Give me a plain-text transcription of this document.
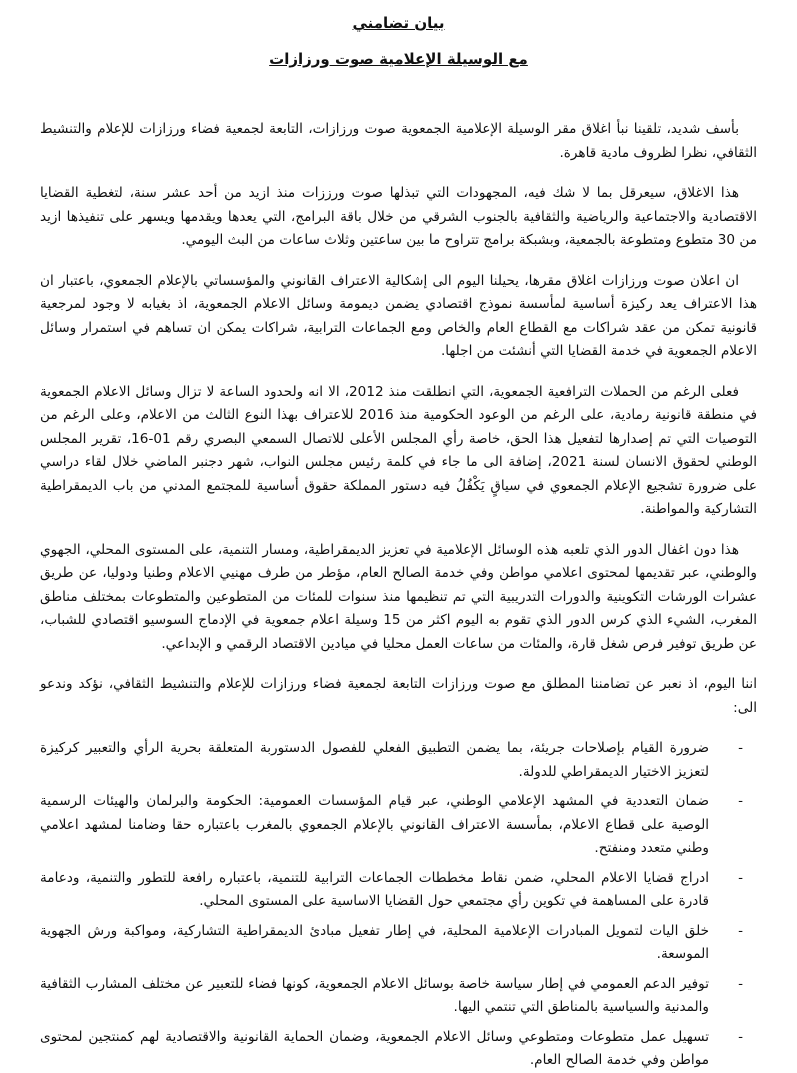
بيان تضامني
مع الوسيلة الإعلامية صوت ورزازات

بأسف شديد، تلقينا نبأ اغلاق مقر الوسيلة الإعلامية الجمعوية صوت ورزازات، التابعة لجمعية فضاء ورزازات للإعلام والتنشيط الثقافي، نظرا لظروف مادية قاهرة.

هذا الاغلاق، سيعرقل بما لا شك فيه، المجهودات التي تبذلها صوت ورززات منذ ازيد من أحد عشر سنة، لتغطية القضايا الاقتصادية والاجتماعية والرياضية والثقافية بالجنوب الشرقي من خلال باقة البرامج، التي يعدها ويقدمها ويسهر على تنفيذها ازيد من 30 متطوع ومتطوعة بالجمعية، وبشبكة برامج تتراوح ما بين ساعتين وثلاث ساعات من البث اليومي.

ان اعلان صوت ورزازات اغلاق مقرها، يحيلنا اليوم الى إشكالية الاعتراف القانوني والمؤسساتي بالإعلام الجمعوي، باعتبار ان هذا الاعتراف يعد ركيزة أساسية لمأسسة نموذج اقتصادي يضمن ديمومة وسائل الاعلام الجمعوية، اذ بغيابه لا وجود لمرجعية قانونية تمكن من عقد شراكات مع القطاع العام والخاص ومع الجماعات الترابية، شراكات يمكن ان تساهم في استمرار وسائل الاعلام الجمعوية في خدمة القضايا التي أنشئت من اجلها.

فعلى الرغم من الحملات الترافعية الجمعوية، التي انطلقت منذ 2012، الا انه ولحدود الساعة لا تزال وسائل الاعلام الجمعوية في منطقة قانونية رمادية، على الرغم من الوعود الحكومية منذ 2016 للاعتراف بهذا النوع الثالث من الاعلام، وعلى الرغم من التوصيات التي تم إصدارها لتفعيل هذا الحق، خاصة رأي المجلس الأعلى للاتصال السمعي البصري رقم 01-16، تقرير المجلس الوطني لحقوق الانسان لسنة 2021، إضافة الى ما جاء في كلمة رئيس مجلس النواب، شهر دجنبر الماضي خلال لقاء دراسي على ضرورة تشجيع الإعلام الجمعوي في سياقٍ يَكْفُلُ فيه دستور المملكة حقوق أساسية للمجتمع المدني من باب الديمقراطية التشاركية والمواطنة.

هذا دون اغفال الدور الذي تلعبه هذه الوسائل الإعلامية في تعزيز الديمقراطية، ومسار التنمية، على المستوى المحلي، الجهوي والوطني، عبر تقديمها لمحتوى اعلامي مواطن وفي خدمة الصالح العام، مؤطر من طرف مهنيي الاعلام وطنيا ودوليا، عن طريق عشرات الورشات التكوينية والدورات التدريبية التي تم تنظيمها منذ سنوات للمئات من المتطوعين والمتطوعات بمختلف مناطق المغرب، الشيء الذي كرس الدور الذي تقوم به اليوم اكثر من 15 وسيلة اعلام جمعوية في الإدماج السوسيو اقتصادي للشباب، عن طريق توفير فرص شغل قارة، والمئات من ساعات العمل محليا في ميادين الاقتصاد الرقمي و الإبداعي.

اننا اليوم، اذ نعبر عن تضامننا المطلق مع صوت ورزازات التابعة لجمعية فضاء ورزازات للإعلام والتنشيط الثقافي، نؤكد وندعو الى:

-
ضرورة القيام بإصلاحات جريئة، بما يضمن التطبيق الفعلي للفصول الدستوربة المتعلقة بحرية الرأي والتعبير كركيزة لتعزيز الاختيار الديمقراطي للدولة.
-
ضمان التعددية في المشهد الإعلامي الوطني، عبر قيام المؤسسات العمومية: الحكومة والبرلمان والهيئات الرسمية الوصية على قطاع الاعلام، بمأسسة الاعتراف القانوني بالإعلام الجمعوي بالمغرب باعتباره حقا وضامنا لمشهد اعلامي وطني متعدد ومنفتح.
-
ادراج قضايا الاعلام المحلي، ضمن نقاط مخططات الجماعات الترابية للتنمية، باعتباره رافعة للتطور والتنمية، ودعامة قادرة على المساهمة في تكوين رأي مجتمعي حول القضايا الاساسية على المستوى المحلي.
-
خلق اليات لتمويل المبادرات الإعلامية المحلية، في إطار تفعيل مبادئ الديمقراطية التشاركية، ومواكبة ورش الجهوية الموسعة.
-
توفير الدعم العمومي في إطار سياسة خاصة بوسائل الاعلام الجمعوية، كونها فضاء للتعبير عن مختلف المشارب الثقافية والمدنية والسياسية بالمناطق التي تنتمي اليها.
-
تسهيل عمل متطوعات ومتطوعي وسائل الاعلام الجمعوية، وضمان الحماية القانونية والاقتصادية لهم كمنتجين لمحتوى مواطن وفي خدمة الصالح العام.
